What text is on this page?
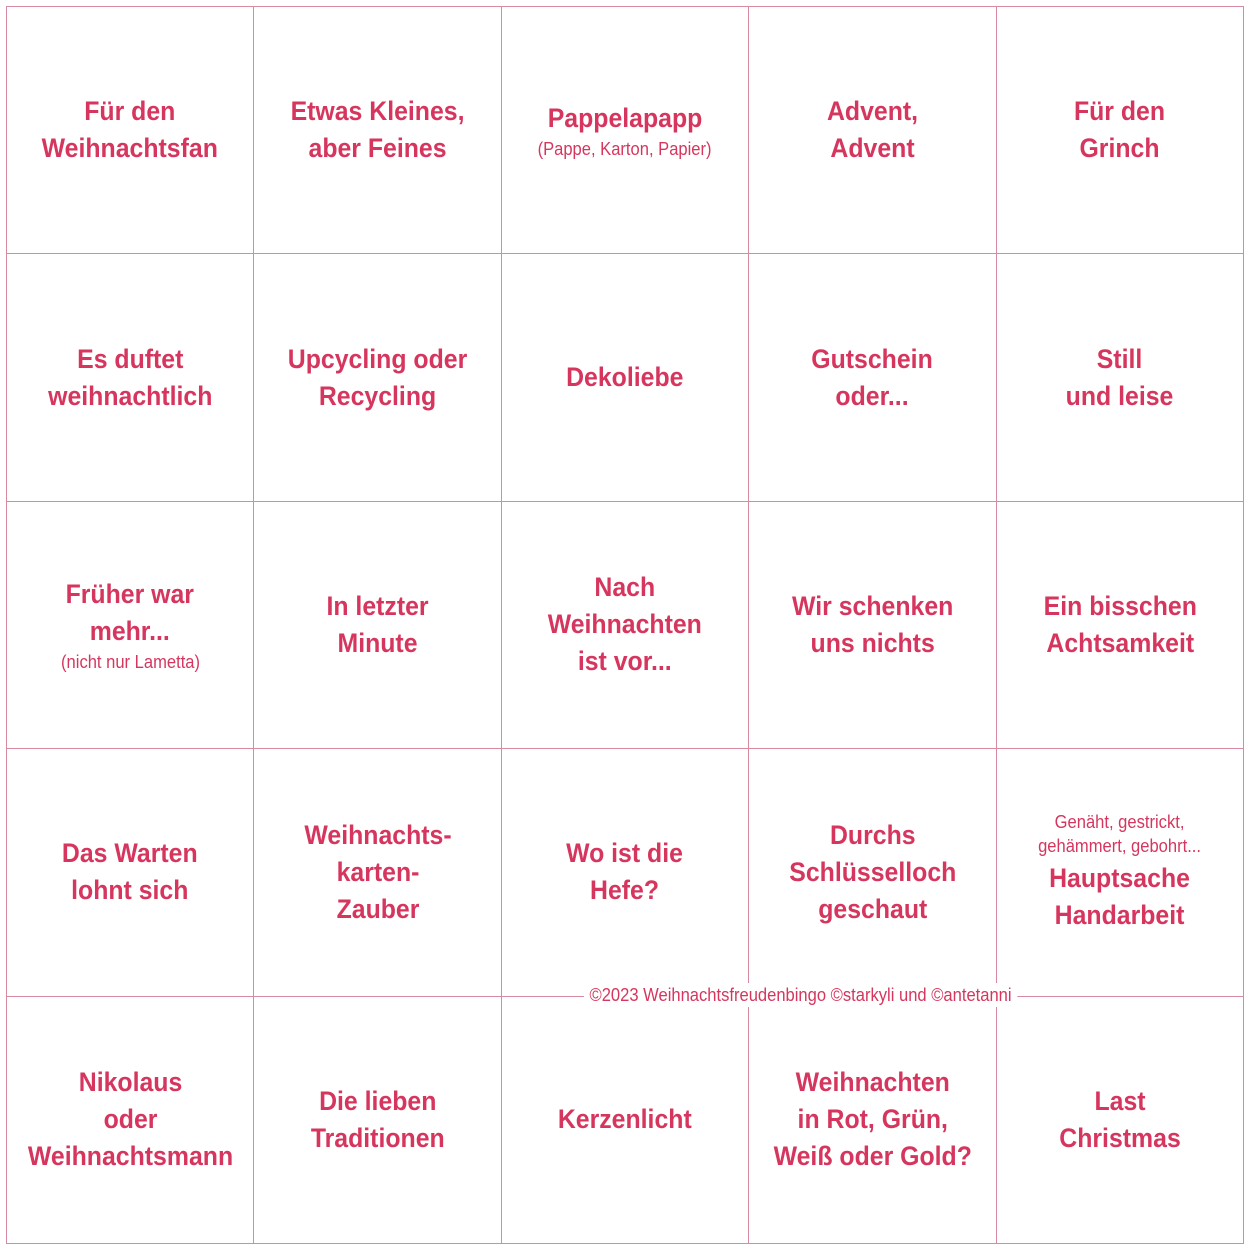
Für den
Weihnachtsfan
Etwas Kleines,
aber Feines
Pappelapapp
(Pappe, Karton, Papier)
Advent,
Advent
Für den
Grinch
Es duftet
weihnachtlich
Upcycling oder
Recycling
Dekoliebe
Gutschein
oder...
Still
und leise
Früher war
mehr...
(nicht nur Lametta)
In letzter
Minute
Nach
Weihnachten
ist vor...
Wir schenken
uns nichts
Ein bisschen
Achtsamkeit
Das Warten
lohnt sich
Weihnachts-
karten-
Zauber
Wo ist die
Hefe?
Durchs
Schlüsselloch
geschaut
Genäht, gestrickt,
gehämmert, gebohrt...
Hauptsache
Handarbeit
Nikolaus
oder
Weihnachtsmann
Die lieben
Traditionen
Kerzenlicht
Weihnachten
in Rot, Grün,
Weiß oder Gold?
Last
Christmas
©2023 Weihnachtsfreudenbingo ©starkyli und ©antetanni
